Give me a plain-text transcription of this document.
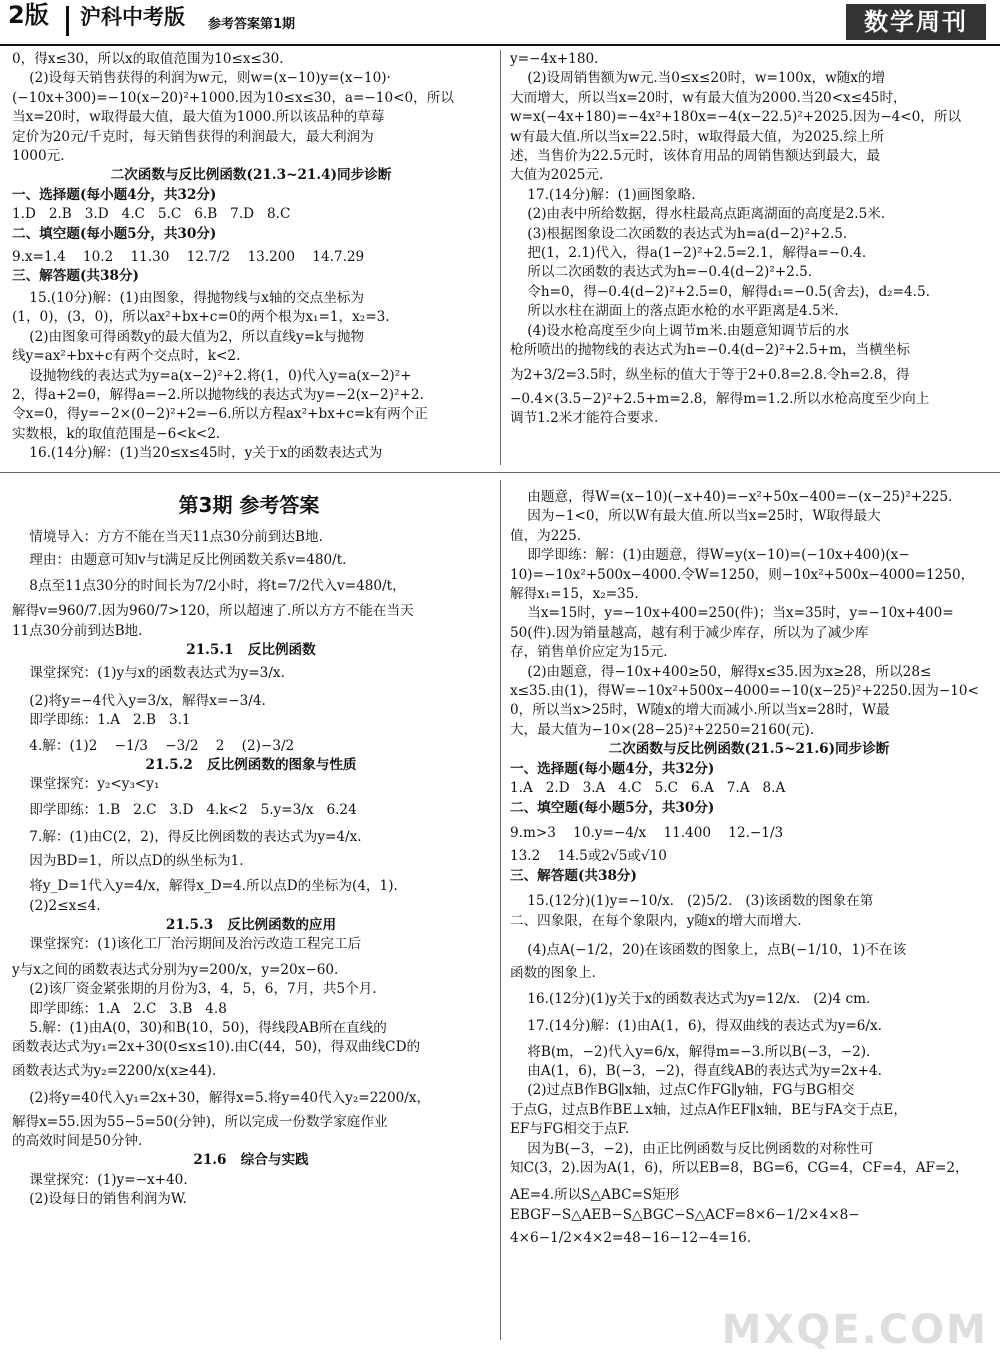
2版 沪科中考版 参考答案第1期	数学周刊

0，得x≤30，所以x的取值范围为10≤x≤30.

(2)设每天销售获得的利润为w元，则w=(x−10)y=(x−10)·

(−10x+300)=−10(x−20)²+1000.因为10≤x≤30，a=−10<0，所以

当x=20时，w取得最大值，最大值为1000.所以该品种的草莓

定价为20元/千克时，每天销售获得的利润最大，最大利润为

1000元.

二次函数与反比例函数(21.3~21.4)同步诊断

一、选择题(每小题4分，共32分)

1.D   2.B   3.D   4.C   5.C   6.B   7.D   8.C

二、填空题(每小题5分，共30分)

9.x=1.4    10.2    11.30    12.7/2    13.200    14.7.29

三、解答题(共38分)

15.(10分)解：(1)由图象，得抛物线与x轴的交点坐标为

(1，0)，(3，0)，所以ax²+bx+c=0的两个根为x₁=1，x₂=3.

(2)由图象可得函数y的最大值为2，所以直线y=k与抛物

线y=ax²+bx+c有两个交点时，k<2.

设抛物线的表达式为y=a(x−2)²+2.将(1，0)代入y=a(x−2)²+

2，得a+2=0，解得a=−2.所以抛物线的表达式为y=−2(x−2)²+2.

令x=0，得y=−2×(0−2)²+2=−6.所以方程ax²+bx+c=k有两个正

实数根，k的取值范围是−6<k<2.

16.(14分)解：(1)当20≤x≤45时，y关于x的函数表达式为

y=−4x+180.

(2)设周销售额为w元.当0≤x≤20时，w=100x，w随x的增

大而增大，所以当x=20时，w有最大值为2000.当20<x≤45时，

w=x(−4x+180)=−4x²+180x=−4(x−22.5)²+2025.因为−4<0，所以

w有最大值.所以当x=22.5时，w取得最大值，为2025.综上所

述，当售价为22.5元时，该体育用品的周销售额达到最大，最

大值为2025元.

17.(14分)解：(1)画图象略.

(2)由表中所给数据，得水柱最高点距离湖面的高度是2.5米.

(3)根据图象设二次函数的表达式为h=a(d−2)²+2.5.

把(1，2.1)代入，得a(1−2)²+2.5=2.1，解得a=−0.4.

所以二次函数的表达式为h=−0.4(d−2)²+2.5.

令h=0，得−0.4(d−2)²+2.5=0，解得d₁=−0.5(舍去)，d₂=4.5.

所以水柱在湖面上的落点距水枪的水平距离是4.5米.

(4)设水枪高度至少向上调节m米.由题意知调节后的水

枪所喷出的抛物线的表达式为h=−0.4(d−2)²+2.5+m，当横坐标

为2+3/2=3.5时，纵坐标的值大于等于2+0.8=2.8.令h=2.8，得

−0.4×(3.5−2)²+2.5+m=2.8，解得m=1.2.所以水枪高度至少向上

调节1.2米才能符合要求.

第3期 参考答案

情境导入：方方不能在当天11点30分前到达B地.

理由：由题意可知v与t满足反比例函数关系v=480/t.

8点至11点30分的时间长为7/2小时，将t=7/2代入v=480/t，

解得v=960/7.因为960/7>120，所以超速了.所以方方不能在当天

11点30分前到达B地.

21.5.1   反比例函数

课堂探究：(1)y与x的函数表达式为y=3/x.

(2)将y=−4代入y=3/x，解得x=−3/4.

即学即练：1.A   2.B   3.1

4.解：(1)2    −1/3    −3/2    2    (2)−3/2

21.5.2   反比例函数的图象与性质

课堂探究：y₂<y₃<y₁

即学即练：1.B   2.C   3.D   4.k<2   5.y=3/x   6.24

7.解：(1)由C(2，2)，得反比例函数的表达式为y=4/x.

因为BD=1，所以点D的纵坐标为1.

将y_D=1代入y=4/x，解得x_D=4.所以点D的坐标为(4，1).

(2)2≤x≤4.

21.5.3   反比例函数的应用

课堂探究：(1)该化工厂治污期间及治污改造工程完工后

y与x之间的函数表达式分别为y=200/x，y=20x−60.

(2)该厂资金紧张期的月份为3，4，5，6，7月，共5个月.

即学即练：1.A   2.C   3.B   4.8

5.解：(1)由A(0，30)和B(10，50)，得线段AB所在直线的

函数表达式为y₁=2x+30(0≤x≤10).由C(44，50)，得双曲线CD的

函数表达式为y₂=2200/x(x≥44).

(2)将y=40代入y₁=2x+30，解得x=5.将y=40代入y₂=2200/x，

解得x=55.因为55−5=50(分钟)，所以完成一份数学家庭作业

的高效时间是50分钟.

21.6   综合与实践

课堂探究：(1)y=−x+40.

(2)设每日的销售利润为W.

由题意，得W=(x−10)(−x+40)=−x²+50x−400=−(x−25)²+225.

因为−1<0，所以W有最大值.所以当x=25时，W取得最大

值，为225.

即学即练：解：(1)由题意，得W=y(x−10)=(−10x+400)(x−

10)=−10x²+500x−4000.令W=1250，则−10x²+500x−4000=1250，

解得x₁=15，x₂=35.

当x=15时，y=−10x+400=250(件)；当x=35时，y=−10x+400=

50(件).因为销量越高，越有利于减少库存，所以为了减少库

存，销售单价应定为15元.

(2)由题意，得−10x+400≥50，解得x≤35.因为x≥28，所以28≤

x≤35.由(1)，得W=−10x²+500x−4000=−10(x−25)²+2250.因为−10<

0，所以当x>25时，W随x的增大而减小.所以当x=28时，W最

大，最大值为−10×(28−25)²+2250=2160(元).

二次函数与反比例函数(21.5~21.6)同步诊断

一、选择题(每小题4分，共32分)

1.A   2.D   3.A   4.C   5.C   6.A   7.A   8.A

二、填空题(每小题5分，共30分)

9.m>3    10.y=−4/x    11.400    12.−1/3

13.2    14.5或2√5或√10

三、解答题(共38分)

15.(12分)(1)y=−10/x.   (2)5/2.   (3)该函数的图象在第

二、四象限，在每个象限内，y随x的增大而增大.

(4)点A(−1/2，20)在该函数的图象上，点B(−1/10，1)不在该

函数的图象上.

16.(12分)(1)y关于x的函数表达式为y=12/x.   (2)4 cm.

17.(14分)解：(1)由A(1，6)，得双曲线的表达式为y=6/x.

将B(m，−2)代入y=6/x，解得m=−3.所以B(−3，−2).

由A(1，6)，B(−3，−2)，得直线AB的表达式为y=2x+4.

(2)过点B作BG∥x轴，过点C作FG∥y轴，FG与BG相交

于点G，过点B作BE⊥x轴，过点A作EF∥x轴，BE与FA交于点E，

EF与FG相交于点F.

因为B(−3，−2)，由正比例函数与反比例函数的对称性可

知C(3，2).因为A(1，6)，所以EB=8，BG=6，CG=4，CF=4，AF=2，

AE=4.所以S△ABC=S矩形EBGF−S△AEB−S△BGC−S△ACF=8×6−1/2×4×8−

4×6−1/2×4×2=48−16−12−4=16.

MXQE.COM
